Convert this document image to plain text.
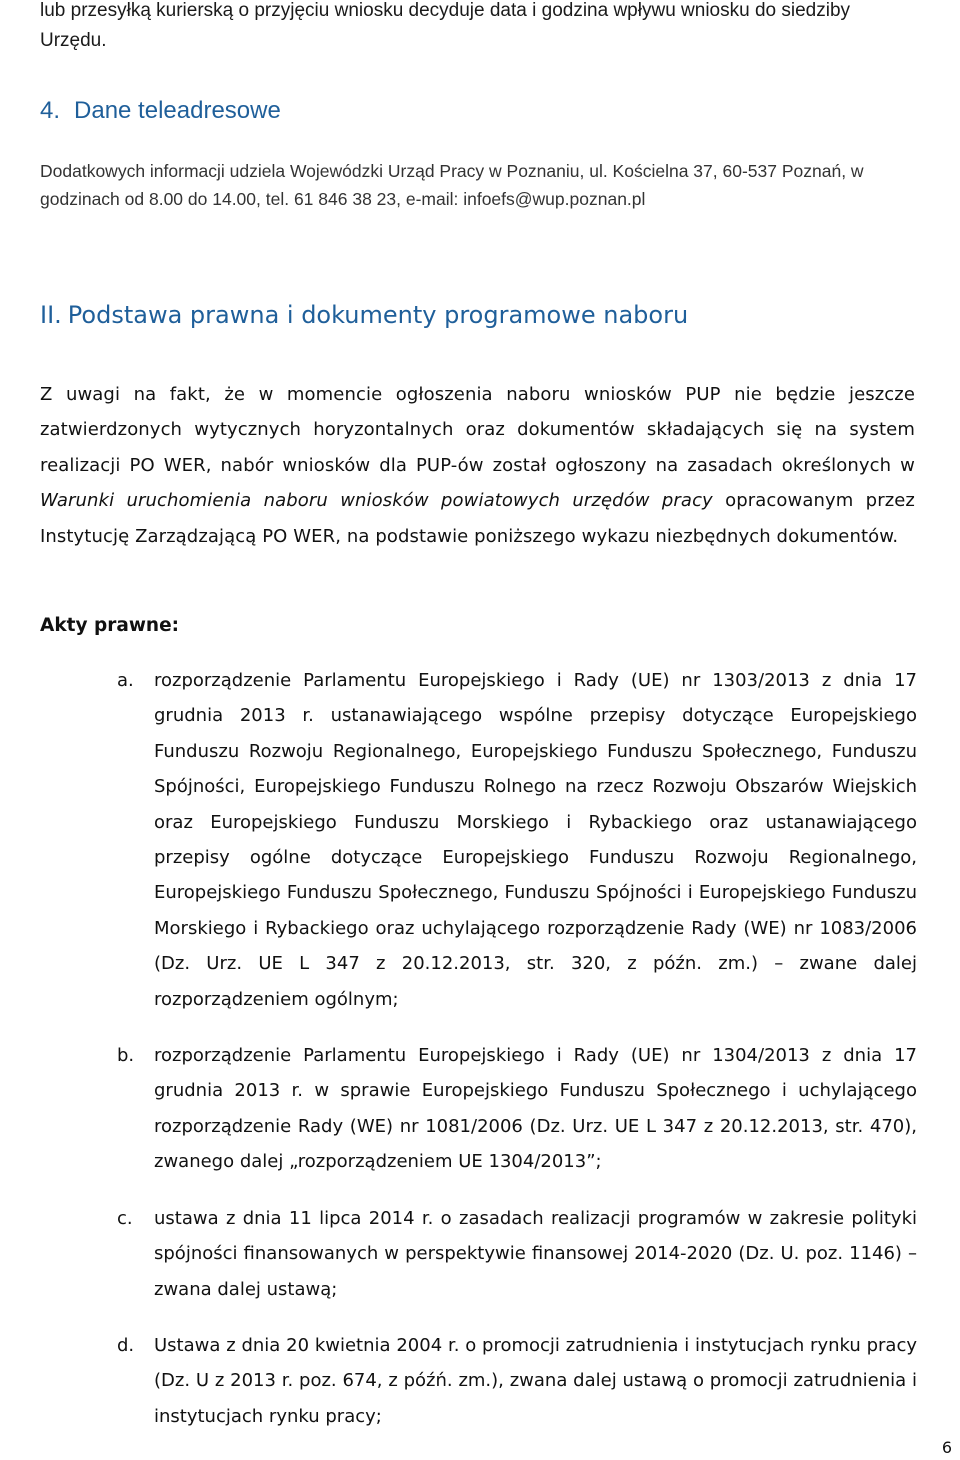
lub przesyłką kurierską o przyjęciu wniosku decyduje data i godzina wpływu wniosku do siedziby Urzędu.
4. Dane teleadresowe
Dodatkowych informacji udziela Wojewódzki Urząd Pracy w Poznaniu, ul. Kościelna 37, 60-537 Poznań, w godzinach od 8.00 do 14.00, tel. 61 846 38 23, e-mail: infoefs@wup.poznan.pl
II. Podstawa prawna i dokumenty programowe naboru
Z uwagi na fakt, że w momencie ogłoszenia naboru wniosków PUP nie będzie jeszcze zatwierdzonych wytycznych horyzontalnych oraz dokumentów składających się na system realizacji PO WER, nabór wniosków dla PUP-ów został ogłoszony na zasadach określonych w Warunki uruchomienia naboru wniosków powiatowych urzędów pracy opracowanym przez Instytucję Zarządzającą PO WER, na podstawie poniższego wykazu niezbędnych dokumentów.
Akty prawne:
a.	rozporządzenie Parlamentu Europejskiego i Rady (UE) nr 1303/2013 z dnia 17 grudnia 2013 r. ustanawiającego wspólne przepisy dotyczące Europejskiego Funduszu Rozwoju Regionalnego, Europejskiego Funduszu Społecznego, Funduszu Spójności, Europejskiego Funduszu Rolnego na rzecz Rozwoju Obszarów Wiejskich oraz Europejskiego Funduszu Morskiego i Rybackiego oraz ustanawiającego przepisy ogólne dotyczące Europejskiego Funduszu Rozwoju Regionalnego, Europejskiego Funduszu Społecznego, Funduszu Spójności i Europejskiego Funduszu Morskiego i Rybackiego oraz uchylającego rozporządzenie Rady (WE) nr 1083/2006 (Dz. Urz. UE L 347 z 20.12.2013, str. 320, z późn. zm.) – zwane dalej rozporządzeniem ogólnym;
b.	rozporządzenie Parlamentu Europejskiego i Rady (UE) nr 1304/2013 z dnia 17 grudnia 2013 r. w sprawie Europejskiego Funduszu Społecznego i uchylającego rozporządzenie Rady (WE) nr 1081/2006 (Dz. Urz. UE L 347 z 20.12.2013, str. 470), zwanego dalej „rozporządzeniem UE 1304/2013”;
c.	ustawa z dnia 11 lipca 2014 r. o zasadach realizacji programów w zakresie polityki spójności finansowanych w perspektywie finansowej 2014-2020 (Dz. U. poz. 1146) – zwana dalej ustawą;
d.	Ustawa z dnia 20 kwietnia 2004 r. o promocji zatrudnienia i instytucjach rynku pracy (Dz. U z 2013 r. poz. 674, z późń. zm.), zwana dalej ustawą o promocji zatrudnienia i instytucjach rynku pracy;
6
